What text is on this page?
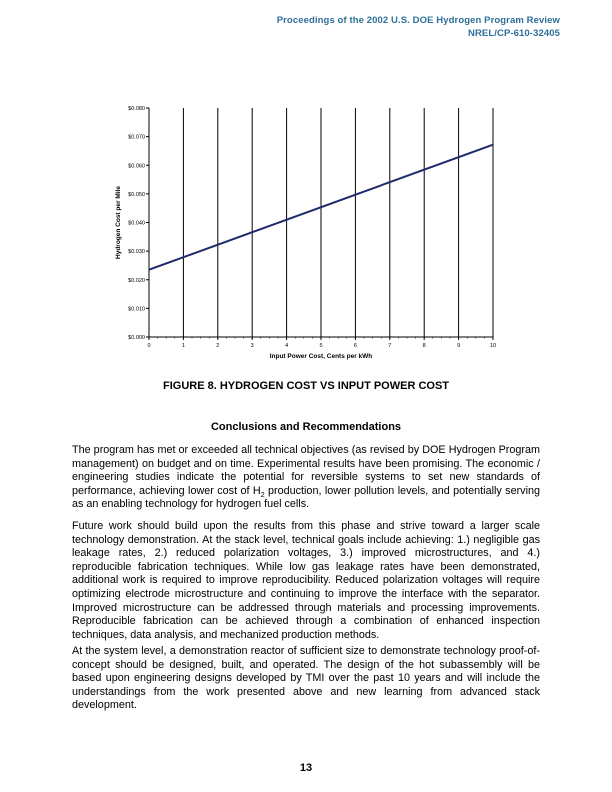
Proceedings of the 2002 U.S. DOE Hydrogen Program Review
NREL/CP-610-32405
$0.000
$0.010
$0.020
$0.030
$0.040
$0.050
$0.060
$0.070
$0.080
0	1	2	3	4	5	6	7	8	9	10
Input Power Cost, Cents per kWh
Hydrogen Cost per Mile
FIGURE 8. HYDROGEN COST VS INPUT POWER COST
Conclusions and Recommendations

The program has met or exceeded all technical objectives (as revised by DOE Hydrogen Program management) on budget and on time. Experimental results have been promising. The economic / engineering studies indicate the potential for reversible systems to set new standards of performance, achieving lower cost of $H_2$ production, lower pollution levels, and potentially serving as an enabling technology for hydrogen fuel cells.

Future work should build upon the results from this phase and strive toward a larger scale technology demonstration. At the stack level, technical goals include achieving: 1.) negligible gas leakage rates, 2.) reduced polarization voltages, 3.) improved microstructures, and 4.) reproducible fabrication techniques. While low gas leakage rates have been demonstrated, additional work is required to improve reproducibility. Reduced polarization voltages will require optimizing electrode microstructure and continuing to improve the interface with the separator. Improved microstructure can be addressed through materials and processing improvements. Reproducible fabrication can be achieved through a combination of enhanced inspection techniques, data analysis, and mechanized production methods.

At the system level, a demonstration reactor of sufficient size to demonstrate technology proof-of-concept should be designed, built, and operated. The design of the hot subassembly will be based upon engineering designs developed by TMI over the past 10 years and will include the understandings from the work presented above and new learning from advanced stack development.

13
